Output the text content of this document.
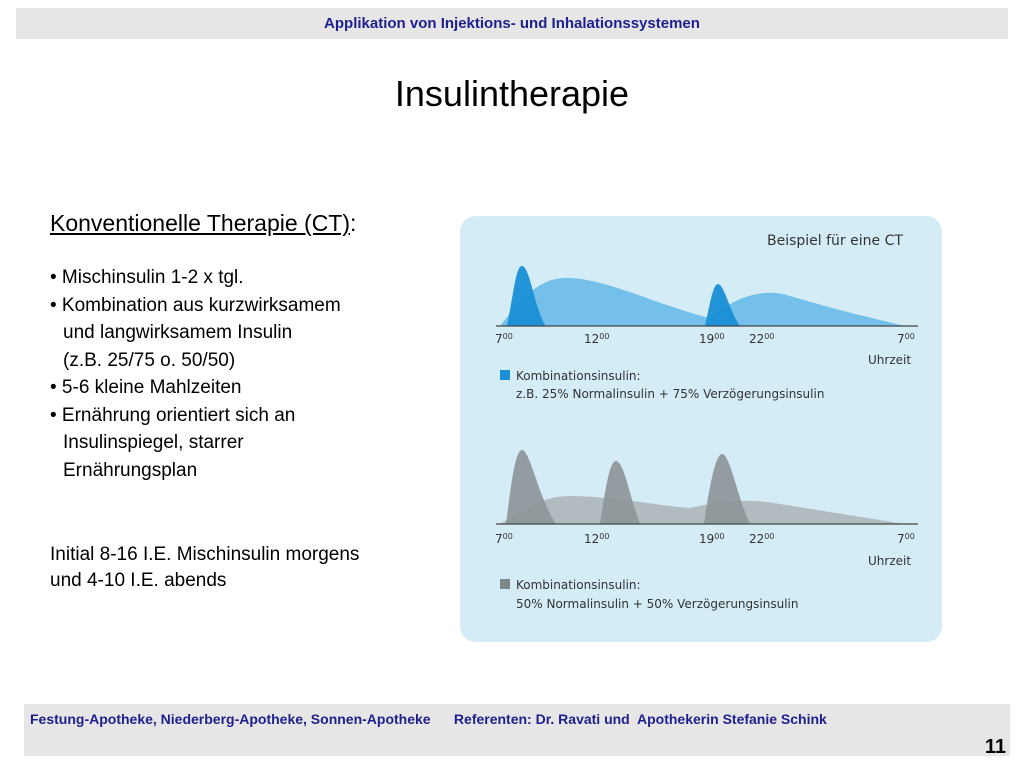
Applikation von Injektions- und Inhalationssystemen
Insulintherapie
Konventionelle Therapie (CT):
• Mischinsulin 1-2 x tgl.
• Kombination aus kurzwirksamem
und langwirksamem Insulin
(z.B. 25/75 o. 50/50)
• 5-6 kleine Mahlzeiten
• Ernährung orientiert sich an
Insulinspiegel, starrer
Ernährungsplan
Initial 8-16 I.E. Mischinsulin morgens
und 4-10 I.E. abends
Beispiel für eine CT
$7^{00}$	$12^{00}$	$19^{00}$ $22^{00}$	$7^{00}$
Uhrzeit
Kombinationsinsulin:
z.B. 25% Normalinsulin + 75% Verzögerungsinsulin
$7^{00}$	$12^{00}$	$19^{00}$ $22^{00}$	$7^{00}$
Uhrzeit
Kombinationsinsulin:
50% Normalinsulin + 50% Verzögerungsinsulin
Festung-Apotheke, Niederberg-Apotheke, Sonnen-Apotheke      Referenten: Dr. Ravati und  Apothekerin Stefanie Schink
11
